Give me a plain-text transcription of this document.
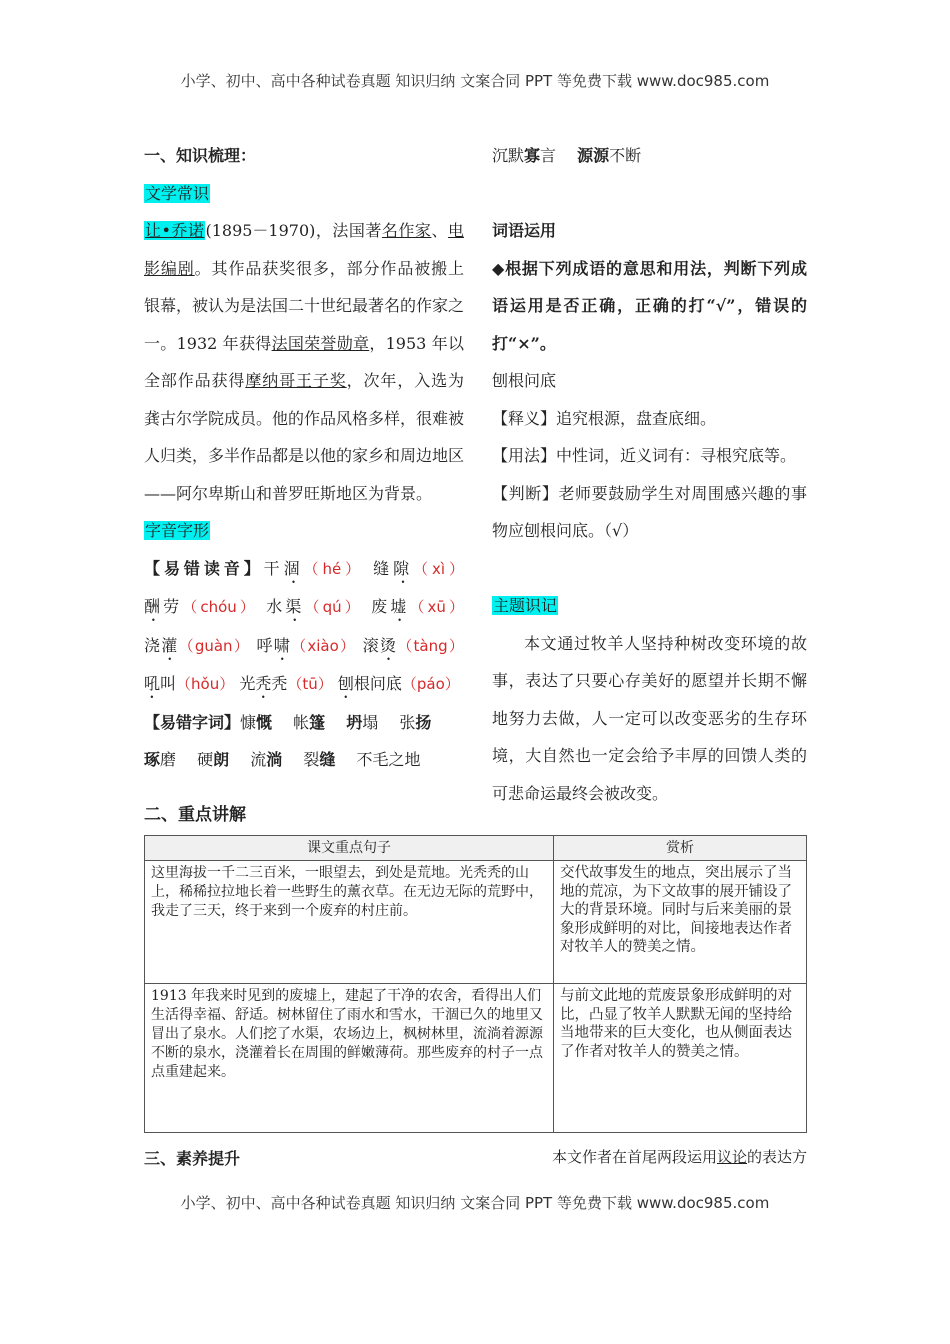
小学、初中、高中各种试卷真题 知识归纳 文案合同 PPT 等免费下载 www.doc985.com
一、知识梳理：
文学常识
让•乔诺(1895－1970)，法国著名作家、电影编剧。其作品获奖很多，部分作品被搬上银幕，被认为是法国二十世纪最著名的作家之一。1932 年获得法国荣誉勋章，1953 年以全部作品获得摩纳哥王子奖，次年，入选为龚古尔学院成员。他的作品风格多样，很难被人归类，多半作品都是以他的家乡和周边地区——阿尔卑斯山和普罗旺斯地区为背景。
字音字形
【易错读音】干涸（hé） 缝隙（xì） 酬劳（chóu） 水渠（qú） 废墟（xū） 浇灌（guàn） 呼啸（xiào） 滚烫（tàng） 吼叫（hǒu） 光秃秃（tū） 刨根问底（páo）
【易错字词】慷慨　 帐篷　 坍塌　 张扬　 琢磨　 硬朗　 流淌　 裂缝　 不毛之地　
沉默寡言　 源源不断　
词语运用
◆根据下列成语的意思和用法，判断下列成语运用是否正确，正确的打“√”，错误的打“×”。
刨根问底
【释义】追究根源，盘查底细。
【用法】中性词，近义词有：寻根究底等。
【判断】老师要鼓励学生对周围感兴趣的事物应刨根问底。（√）
主题识记
本文通过牧羊人坚持种树改变环境的故事，表达了只要心存美好的愿望并长期不懈地努力去做，人一定可以改变恶劣的生存环境，大自然也一定会给予丰厚的回馈人类的可悲命运最终会被改变。
二、重点讲解
课文重点句子	赏析
这里海拔一千二三百米，一眼望去，到处是荒地。光秃秃的山上，稀稀拉拉地长着一些野生的薰衣草。在无边无际的荒野中，我走了三天，终于来到一个废弃的村庄前。	交代故事发生的地点，突出展示了当地的荒凉，为下文故事的展开铺设了大的背景环境。同时与后来美丽的景象形成鲜明的对比，间接地表达作者对牧羊人的赞美之情。
1913 年我来时见到的废墟上，建起了干净的农舍，看得出人们生活得幸福、舒适。树林留住了雨水和雪水，干涸已久的地里又冒出了泉水。人们挖了水渠，农场边上，枫树林里，流淌着源源不断的泉水，浇灌着长在周围的鲜嫩薄荷。那些废弃的村子一点点重建起来。	与前文此地的荒废景象形成鲜明的对比，凸显了牧羊人默默无闻的坚持给当地带来的巨大变化，也从侧面表达了作者对牧羊人的赞美之情。
三、素养提升	本文作者在首尾两段运用议论的表达方
小学、初中、高中各种试卷真题 知识归纳 文案合同 PPT 等免费下载 www.doc985.com
